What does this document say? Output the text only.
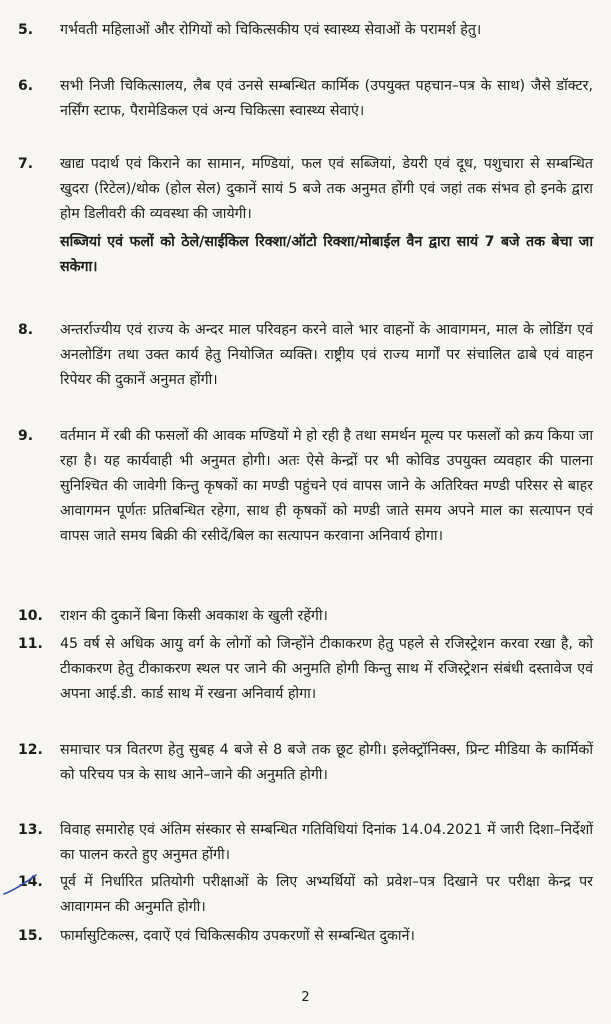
5. गर्भवती महिलाओं और रोगियों को चिकित्सकीय एवं स्वास्थ्य सेवाओं के परामर्श हेतु।
6. सभी निजी चिकित्सालय, लैब एवं उनसे सम्बन्धित कार्मिक (उपयुक्त पहचान–पत्र के साथ) जैसे डॉक्टर, नर्सिंग स्टाफ, पैरामेडिकल एवं अन्य चिकित्सा स्वास्थ्य सेवाएं।
7. खाद्य पदार्थ एवं किराने का सामान, मण्डियां, फल एवं सब्जियां, डेयरी एवं दूध, पशुचारा से सम्बन्धित खुदरा (रिटेल)/थोक (होल सेल) दुकानें सायं 5 बजे तक अनुमत होंगी एवं जहां तक संभव हो इनके द्वारा होम डिलीवरी की व्यवस्था की जायेगी।
सब्जियां एवं फलों को ठेले/साईकिल रिक्शा/ऑटो रिक्शा/मोबाईल वैन द्वारा सायं 7 बजे तक बेचा जा सकेगा।
8. अन्तर्राज्यीय एवं राज्य के अन्दर माल परिवहन करने वाले भार वाहनों के आवागमन, माल के लोडिंग एवं अनलोडिंग तथा उक्त कार्य हेतु नियोजित व्यक्ति। राष्ट्रीय एवं राज्य मार्गों पर संचालित ढाबे एवं वाहन रिपेयर की दुकानें अनुमत होंगी।
9. वर्तमान में रबी की फसलों की आवक मण्डियों मे हो रही है तथा समर्थन मूल्य पर फसलों को क्रय किया जा रहा है। यह कार्यवाही भी अनुमत होगी। अतः ऐसे केन्द्रों पर भी कोविड उपयुक्त व्यवहार की पालना सुनिश्चित की जावेगी किन्तु कृषकों का मण्डी पहुंचने एवं वापस जाने के अतिरिक्त मण्डी परिसर से बाहर आवागमन पूर्णतः प्रतिबन्धित रहेगा, साथ ही कृषकों को मण्डी जाते समय अपने माल का सत्यापन एवं वापस जाते समय बिक्री की रसीदें/बिल का सत्यापन करवाना अनिवार्य होगा।
10. राशन की दुकानें बिना किसी अवकाश के खुली रहेंगी।
11. 45 वर्ष से अधिक आयु वर्ग के लोगों को जिन्होंने टीकाकरण हेतु पहले से रजिस्ट्रेशन करवा रखा है, को टीकाकरण हेतु टीकाकरण स्थल पर जाने की अनुमति होगी किन्तु साथ में रजिस्ट्रेशन संबंधी दस्तावेज एवं अपना आई.डी. कार्ड साथ में रखना अनिवार्य होगा।
12. समाचार पत्र वितरण हेतु सुबह 4 बजे से 8 बजे तक छूट होगी। इलेक्ट्रॉनिक्स, प्रिन्ट मीडिया के कार्मिकों को परिचय पत्र के साथ आने–जाने की अनुमति होगी।
13. विवाह समारोह एवं अंतिम संस्कार से सम्बन्धित गतिविधियां दिनांक 14.04.2021 में जारी दिशा–निर्देशों का पालन करते हुए अनुमत होंगी।
14. पूर्व में निर्धारित प्रतियोगी परीक्षाओं के लिए अभ्यर्थियों को प्रवेश–पत्र दिखाने पर परीक्षा केन्द्र पर आवागमन की अनुमति होगी।
15. फार्मासुटिकल्स, दवाऐं एवं चिकित्सकीय उपकरणों से सम्बन्धित दुकानें।
2
